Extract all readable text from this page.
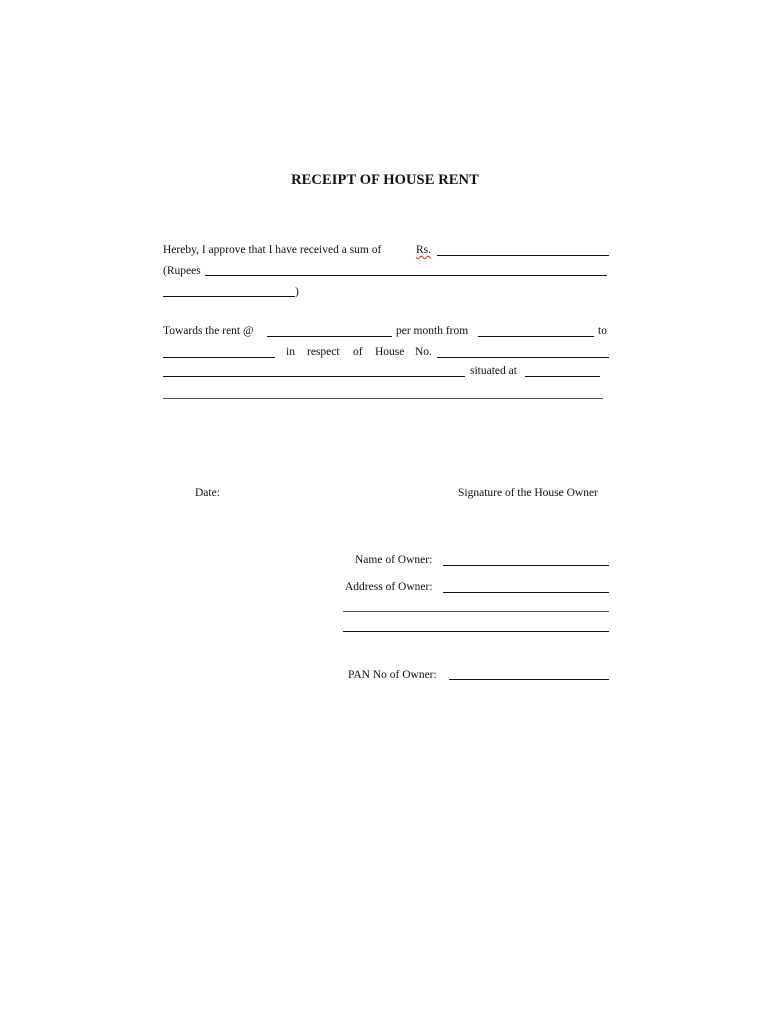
RECEIPT OF HOUSE RENT
Hereby, I approve that I have received a sum of	Rs.
(Rupees
)
Towards the rent @	per month from	to
in respect of House No.
situated at
Date:	Signature of the House Owner
Name of Owner:
Address of Owner:
PAN No of Owner:
